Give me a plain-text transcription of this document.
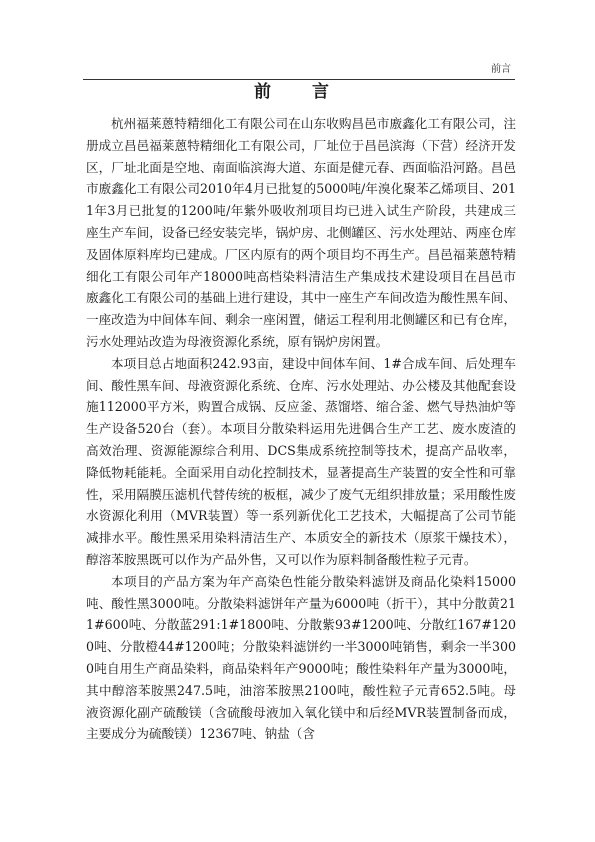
前言
前　言

杭州福莱蒽特精细化工有限公司在山东收购昌邑市廒鑫化工有限公司，注册成立昌邑福莱蒽特精细化工有限公司，厂址位于昌邑滨海（下营）经济开发区，厂址北面是空地、南面临滨海大道、东面是健元春、西面临沿河路。昌邑市廒鑫化工有限公司2010年4月已批复的5000吨/年溴化聚苯乙烯项目、2011年3月已批复的1200吨/年紫外吸收剂项目均已进入试生产阶段，共建成三座生产车间，设备已经安装完毕，锅炉房、北侧罐区、污水处理站、两座仓库及固体原料库均已建成。厂区内原有的两个项目均不再生产。昌邑福莱蒽特精细化工有限公司年产18000吨高档染料清洁生产集成技术建设项目在昌邑市廒鑫化工有限公司的基础上进行建设，其中一座生产车间改造为酸性黑车间、一座改造为中间体车间、剩余一座闲置，储运工程利用北侧罐区和已有仓库，污水处理站改造为母液资源化系统，原有锅炉房闲置。

本项目总占地面积242.93亩，建设中间体车间、1#合成车间、后处理车间、酸性黑车间、母液资源化系统、仓库、污水处理站、办公楼及其他配套设施112000平方米，购置合成锅、反应釜、蒸馏塔、缩合釜、燃气导热油炉等生产设备520台（套）。本项目分散染料运用先进偶合生产工艺、废水废渣的高效治理、资源能源综合利用、DCS集成系统控制等技术，提高产品收率，降低物耗能耗。全面采用自动化控制技术，显著提高生产装置的安全性和可靠性，采用隔膜压滤机代替传统的板框，减少了废气无组织排放量；采用酸性废水资源化利用（MVR装置）等一系列新优化工艺技术，大幅提高了公司节能减排水平。酸性黑采用染料清洁生产、本质安全的新技术（原浆干燥技术），醇溶苯胺黑既可以作为产品外售，又可以作为原料制备酸性粒子元青。

本项目的产品方案为年产高染色性能分散染料滤饼及商品化染料15000吨、酸性黑3000吨。分散染料滤饼年产量为6000吨（折干），其中分散黄211#600吨、分散蓝291:1#1800吨、分散紫93#1200吨、分散红167#1200吨、分散橙44#1200吨；分散染料滤饼约一半3000吨销售，剩余一半3000吨自用生产商品染料，商品染料年产9000吨；酸性染料年产量为3000吨，其中醇溶苯胺黑247.5吨，油溶苯胺黑2100吨，酸性粒子元青652.5吨。母液资源化副产硫酸镁（含硫酸母液加入氧化镁中和后经MVR装置制备而成，主要成分为硫酸镁）12367吨、钠盐（含
